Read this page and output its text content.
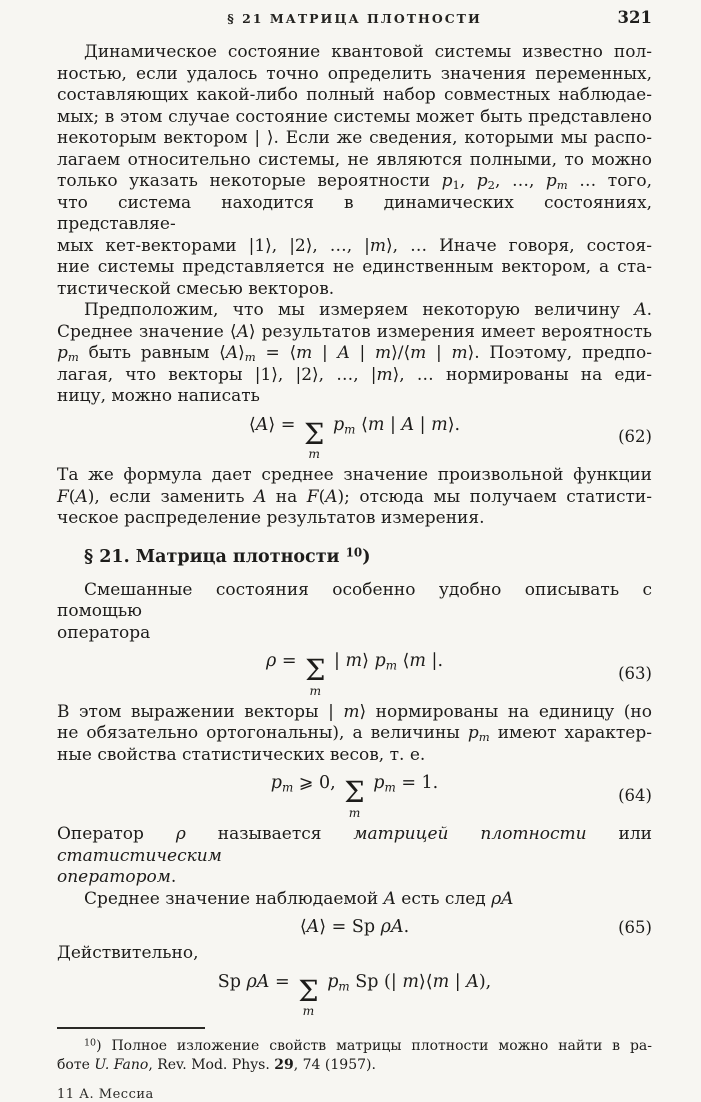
§ 21 МАТРИЦА ПЛОТНОСТИ	321
Динамическое состояние квантовой системы известно пол-
ностью, если удалось точно определить значения переменных,
составляющих какой-либо полный набор совместных наблюдае-
мых; в этом случае состояние системы может быть представлено
некоторым вектором | ⟩. Если же сведения, которыми мы распо-
лагаем относительно системы, не являются полными, то можно
только указать некоторые вероятности $p_1$, $p_2$, …, $p_m$ … того,
что система находится в динамических состояниях, представляе-
мых кет-векторами |1⟩, |2⟩, …, |m⟩, … Иначе говоря, состоя-
ние системы представляется не единственным вектором, а ста-
тистической смесью векторов.
Предположим, что мы измеряем некоторую величину A.
Среднее значение ⟨A⟩ результатов измерения имеет вероятность
$p_m$ быть равным $⟨A⟩_m$ = ⟨m | A | m⟩/⟨m | m⟩. Поэтому, предпо-
лагая, что векторы |1⟩, |2⟩, …, |m⟩, … нормированы на еди-
ницу, можно написать
⟨A⟩ = Σ
m
$p_m$ ⟨m | A | m⟩.
(62)
Та же формула дает среднее значение произвольной функции
F(A), если заменить A на F(A); отсюда мы получаем статисти-
ческое распределение результатов измерения.
§ 21. Матрица плотности $^{10}$)
Смешанные состояния особенно удобно описывать с помощью
оператора
ρ = Σ
m
| m⟩ $p_m$ ⟨m |.
(63)
В этом выражении векторы | m⟩ нормированы на единицу (но
не обязательно ортогональны), а величины $p_m$ имеют характер-
ные свойства статистических весов, т. е.
$p_m$ ⩾ 0, Σ
m
$p_m = 1$.
(64)
Оператор ρ называется матрицей плотности или статистическим
оператором.
Среднее значение наблюдаемой A есть след ρA
⟨A⟩ = Sp ρA.	(65)
Действительно,
Sp ρA = Σ
m
$p_m$ Sp (| m⟩⟨m | A),
$^{10}$) Полное изложение свойств матрицы плотности можно найти в ра-
боте U. Fano, Rev. Mod. Phys. 29, 74 (1957).
11 А. Мессиа
